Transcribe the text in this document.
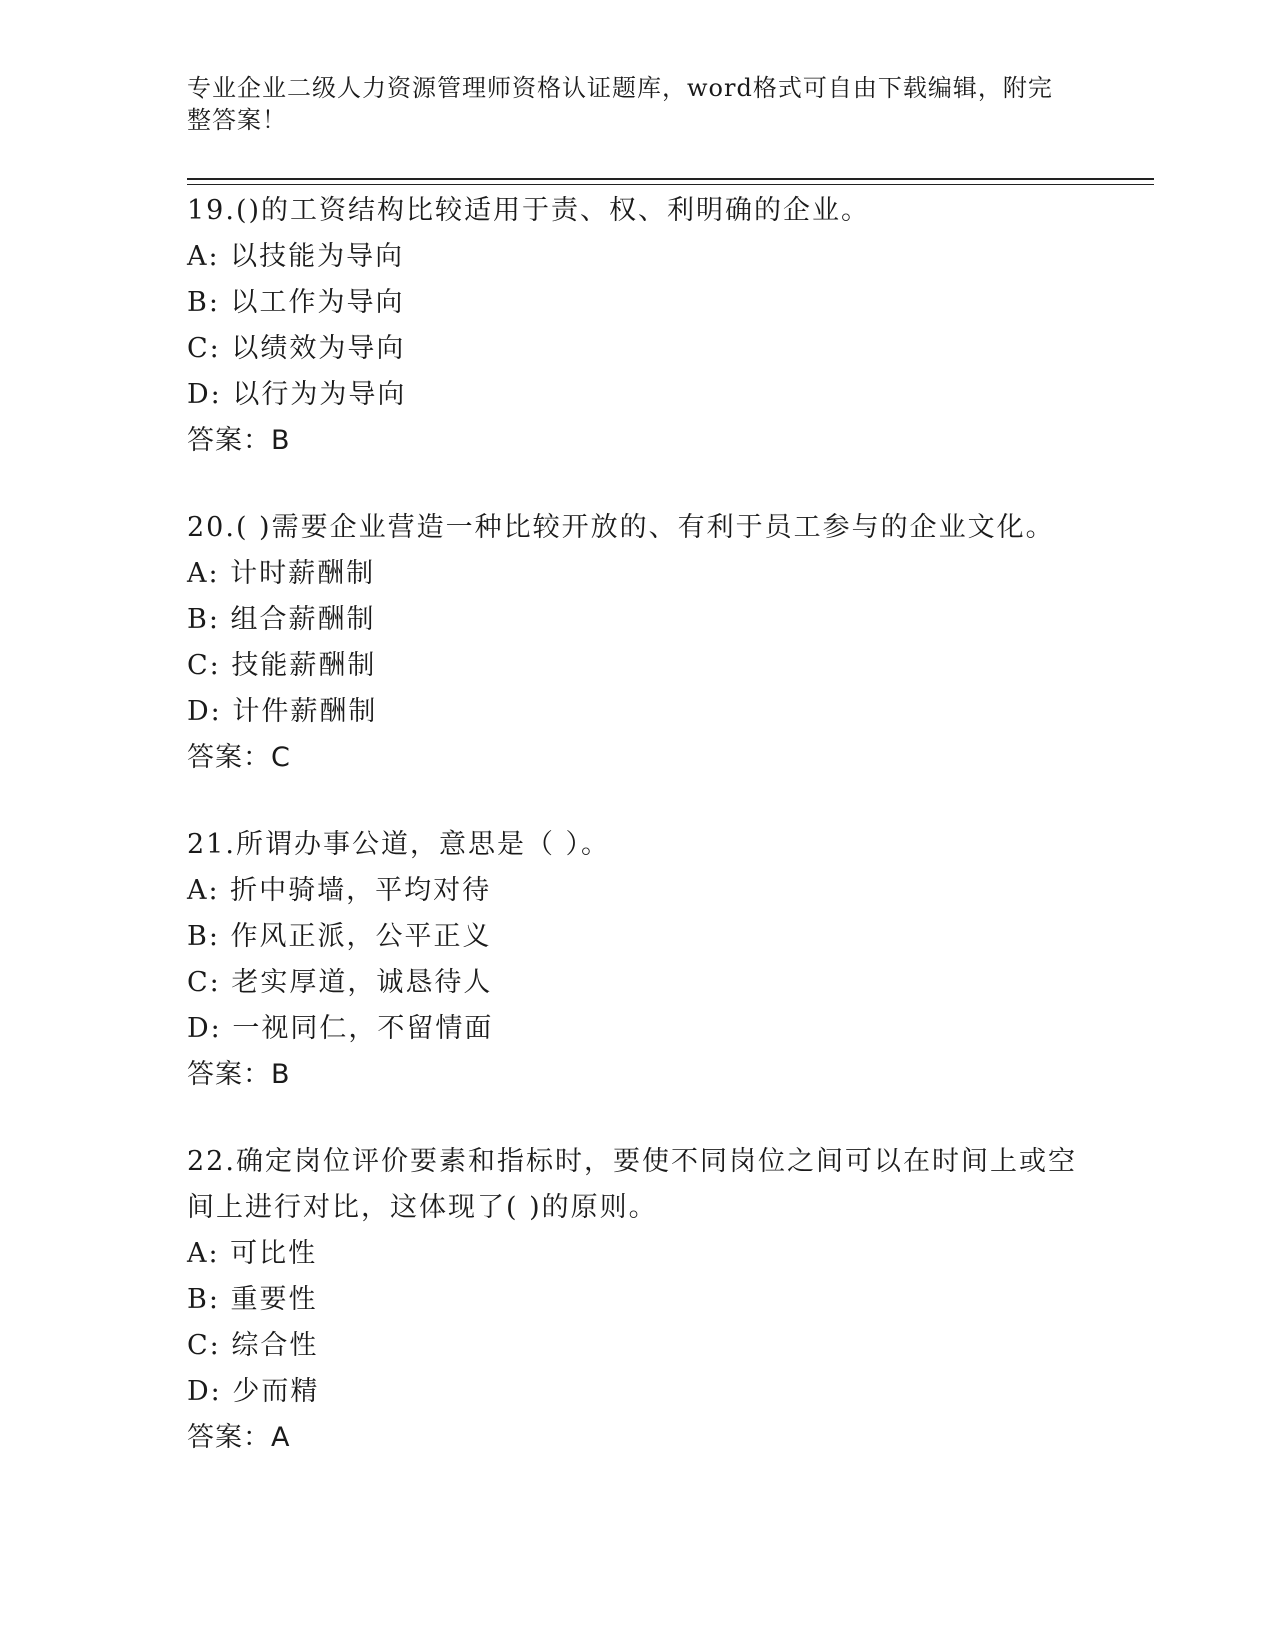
专业企业二级人力资源管理师资格认证题库，word格式可自由下载编辑，附完整答案！

19.()的工资结构比较适用于责、权、利明确的企业。

A: 以技能为导向

B: 以工作为导向

C: 以绩效为导向

D: 以行为为导向

答案：B

20.( )需要企业营造一种比较开放的、有利于员工参与的企业文化。

A: 计时薪酬制

B: 组合薪酬制

C: 技能薪酬制

D: 计件薪酬制

答案：C

21.所谓办事公道，意思是（ ）。

A: 折中骑墙，平均对待

B: 作风正派，公平正义

C: 老实厚道，诚恳待人

D: 一视同仁，不留情面

答案：B

22.确定岗位评价要素和指标时，要使不同岗位之间可以在时间上或空间上进行对比，这体现了( )的原则。

A: 可比性

B: 重要性

C: 综合性

D: 少而精

答案：A
